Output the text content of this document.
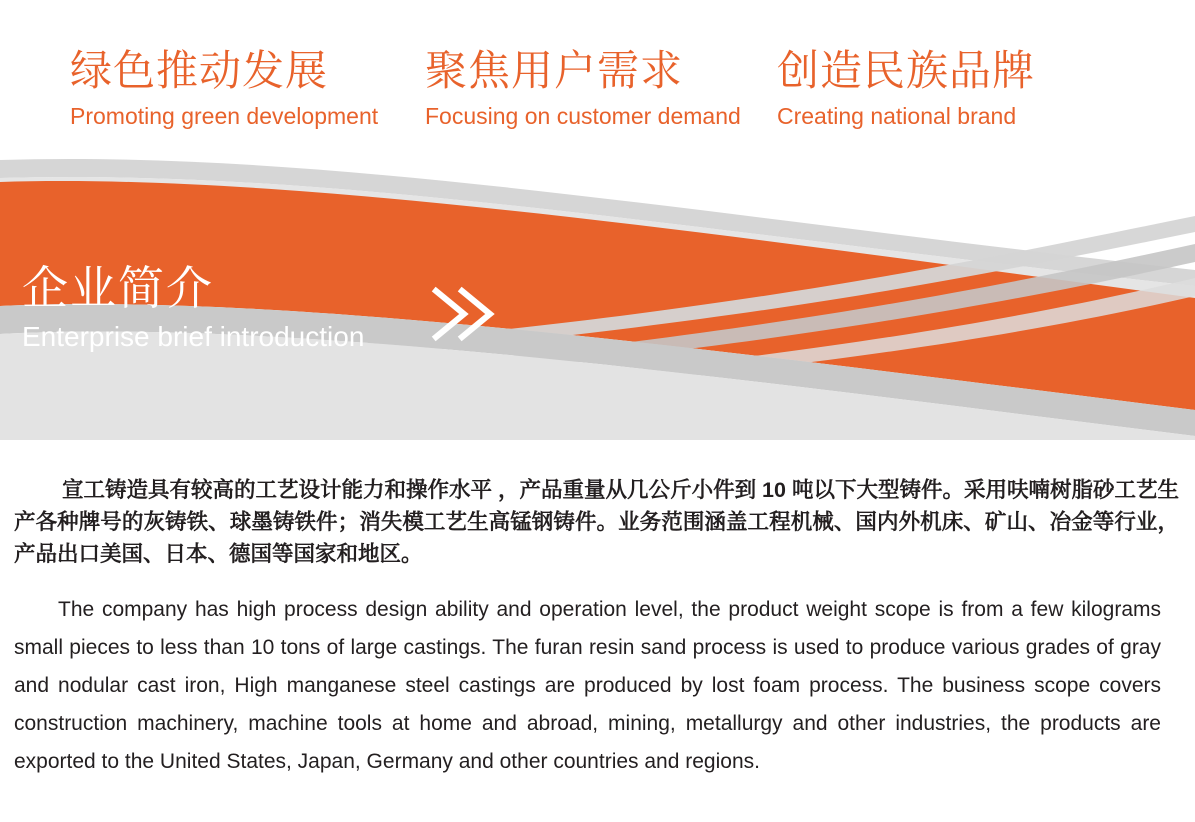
绿色推动发展
Promoting green development
聚焦用户需求
Focusing on customer demand
创造民族品牌
Creating national brand
企业简介
Enterprise brief introduction

宣工铸造具有较高的工艺设计能力和操作水平 ，产品重量从几公斤小件到 10 吨以下大型铸件。采用呋喃树脂砂工艺生产各种牌号的灰铸铁、球墨铸铁件；消失模工艺生高锰钢铸件。业务范围涵盖工程机械、国内外机床、矿山、冶金等行业，产品出口美国、日本、德国等国家和地区。

The company has high process design ability and operation level, the product weight scope is from a few kilograms small pieces to less than 10 tons of large castings. The furan resin sand process is used to produce various grades of gray and nodular cast iron, High manganese steel castings are produced by lost foam process. The business scope covers construction machinery, machine tools at home and abroad, mining, metallurgy and other industries, the products are exported to the United States, Japan, Germany and other countries and regions.
